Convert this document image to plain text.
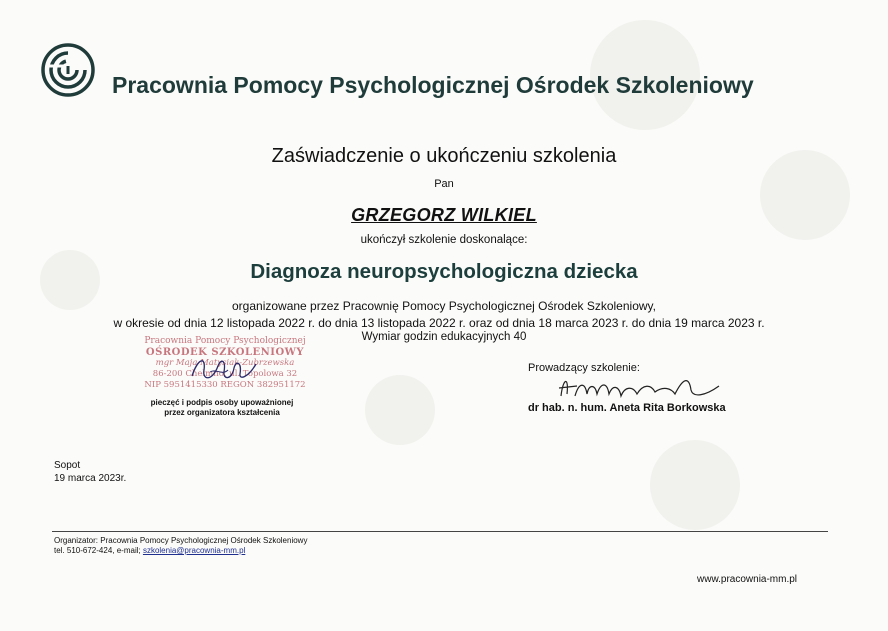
Pracownia Pomocy Psychologicznej Ośrodek Szkoleniowy
Zaświadczenie o ukończeniu szkolenia
Pan
GRZEGORZ WILKIEL
ukończył szkolenie doskonalące:
Diagnoza neuropsychologiczna dziecka
organizowane przez Pracownię Pomocy Psychologicznej Ośrodek Szkoleniowy,
w okresie od dnia 12 listopada 2022 r. do dnia 13 listopada 2022 r. oraz od dnia 18 marca 2023 r. do dnia 19 marca 2023 r.
Wymiar godzin edukacyjnych 40
Pracownia Pomocy Psychologicznej
OŚRODEK SZKOLENIOWY
mgr Maja Matysiak-Zubrzewska
86-200 Chełmno, ul. Topolowa 32
NIP 5951415330 REGON 382951172
pieczęć i podpis osoby upoważnionej przez organizatora kształcenia
Prowadzący szkolenie:
dr hab. n. hum. Aneta Rita Borkowska
Sopot
19 marca 2023r.
Organizator: Pracownia Pomocy Psychologicznej Ośrodek Szkoleniowy
tel. 510-672-424, e-mail; szkolenia@pracownia-mm.pl
www.pracownia-mm.pl
